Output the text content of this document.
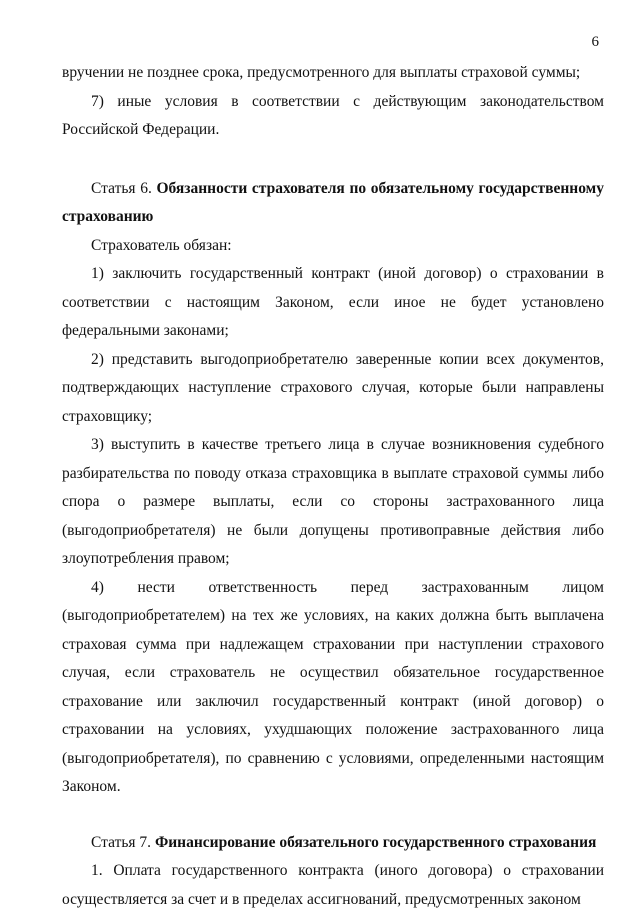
6

вручении не позднее срока, предусмотренного для выплаты страховой суммы;

7) иные условия в соответствии с действующим законодательством Российской Федерации.

Статья 6. Обязанности страхователя по обязательному государственному страхованию

Страхователь обязан:

1) заключить государственный контракт (иной договор) о страховании в соответствии с настоящим Законом, если иное не будет установлено федеральными законами;

2) представить выгодоприобретателю заверенные копии всех документов, подтверждающих наступление страхового случая, которые были направлены страховщику;

3) выступить в качестве третьего лица в случае возникновения судебного разбирательства по поводу отказа страховщика в выплате страховой суммы либо спора о размере выплаты, если со стороны застрахованного лица (выгодоприобретателя) не были допущены противоправные действия либо злоупотребления правом;

4) нести ответственность перед застрахованным лицом (выгодоприобретателем) на тех же условиях, на каких должна быть выплачена страховая сумма при надлежащем страховании при наступлении страхового случая, если страхователь не осуществил обязательное государственное страхование или заключил государственный контракт (иной договор) о страховании на условиях, ухудшающих положение застрахованного лица (выгодоприобретателя), по сравнению с условиями, определенными настоящим Законом.

Статья 7. Финансирование обязательного государственного страхования

1. Оплата государственного контракта (иного договора) о страховании осуществляется за счет и в пределах ассигнований, предусмотренных законом
